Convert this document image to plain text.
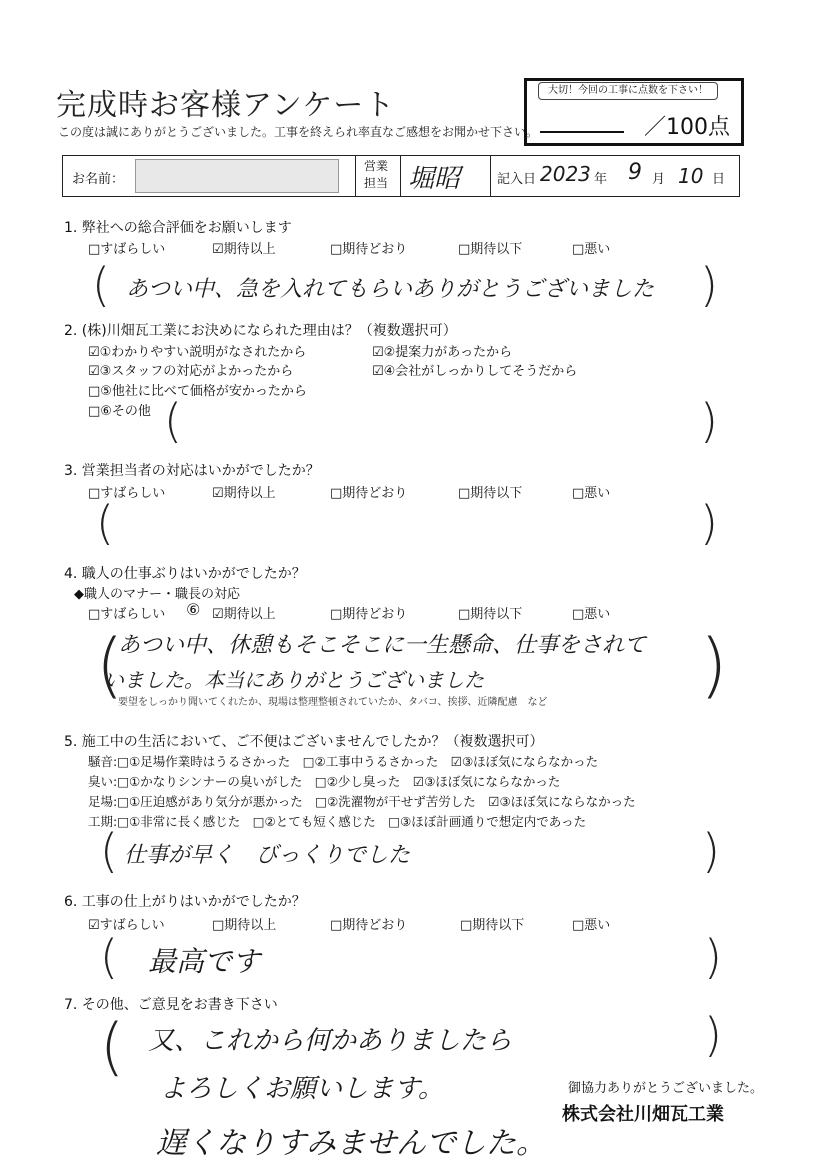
完成時お客様アンケート
この度は誠にありがとうございました。工事を終えられ率直なご感想をお聞かせ下さい。
大切！今回の工事に点数を下さい！
／100点
お名前：
営業
担当 堀昭	記入日 2023 年 9 月 10 日
1. 弊社への総合評価をお願いします
□すばらしい	☑期待以上	□期待どおり	□期待以下	□悪い
(	)
あつい中、急を入れてもらいありがとうございました
2. (株)川畑瓦工業にお決めになられた理由は？（複数選択可）
☑①わかりやすい説明がなされたから	☑②提案力があったから
☑③スタッフの対応がよかったから	☑④会社がしっかりしてそうだから
□⑤他社に比べて価格が安かったから
□⑥その他 (	)
3. 営業担当者の対応はいかがでしたか？
□すばらしい	☑期待以上	□期待どおり	□期待以下	□悪い
(	)
4. 職人の仕事ぶりはいかがでしたか？
◆職人のマナー・職長の対応
□すばらしい ⑥ ☑期待以上	□期待どおり	□期待以下	□悪い
(	)
あつい中、休憩もそこそこに一生懸命、仕事をされて
いました。本当にありがとうございました
要望をしっかり聞いてくれたか、現場は整理整頓されていたか、タバコ、挨拶、近隣配慮　など
5. 施工中の生活において、ご不便はございませんでしたか？（複数選択可）
騒音:□①足場作業時はうるさかった　□②工事中うるさかった　☑③ほぼ気にならなかった
臭い:□①かなりシンナーの臭いがした　□②少し臭った　☑③ほぼ気にならなかった
足場:□①圧迫感があり気分が悪かった　□②洗濯物が干せず苦労した　☑③ほぼ気にならなかった
工期:□①非常に長く感じた　□②とても短く感じた　□③ほぼ計画通りで想定内であった
(	)
仕事が早く　びっくりでした
6. 工事の仕上がりはいかがでしたか？
☑すばらしい	□期待以上	□期待どおり	□期待以下	□悪い
(	)
最高です
7. その他、ご意見をお書き下さい
(	)
又、これから何かありましたら
よろしくお願いします。
遅くなりすみませんでした。
御協力ありがとうございました。
株式会社川畑瓦工業
